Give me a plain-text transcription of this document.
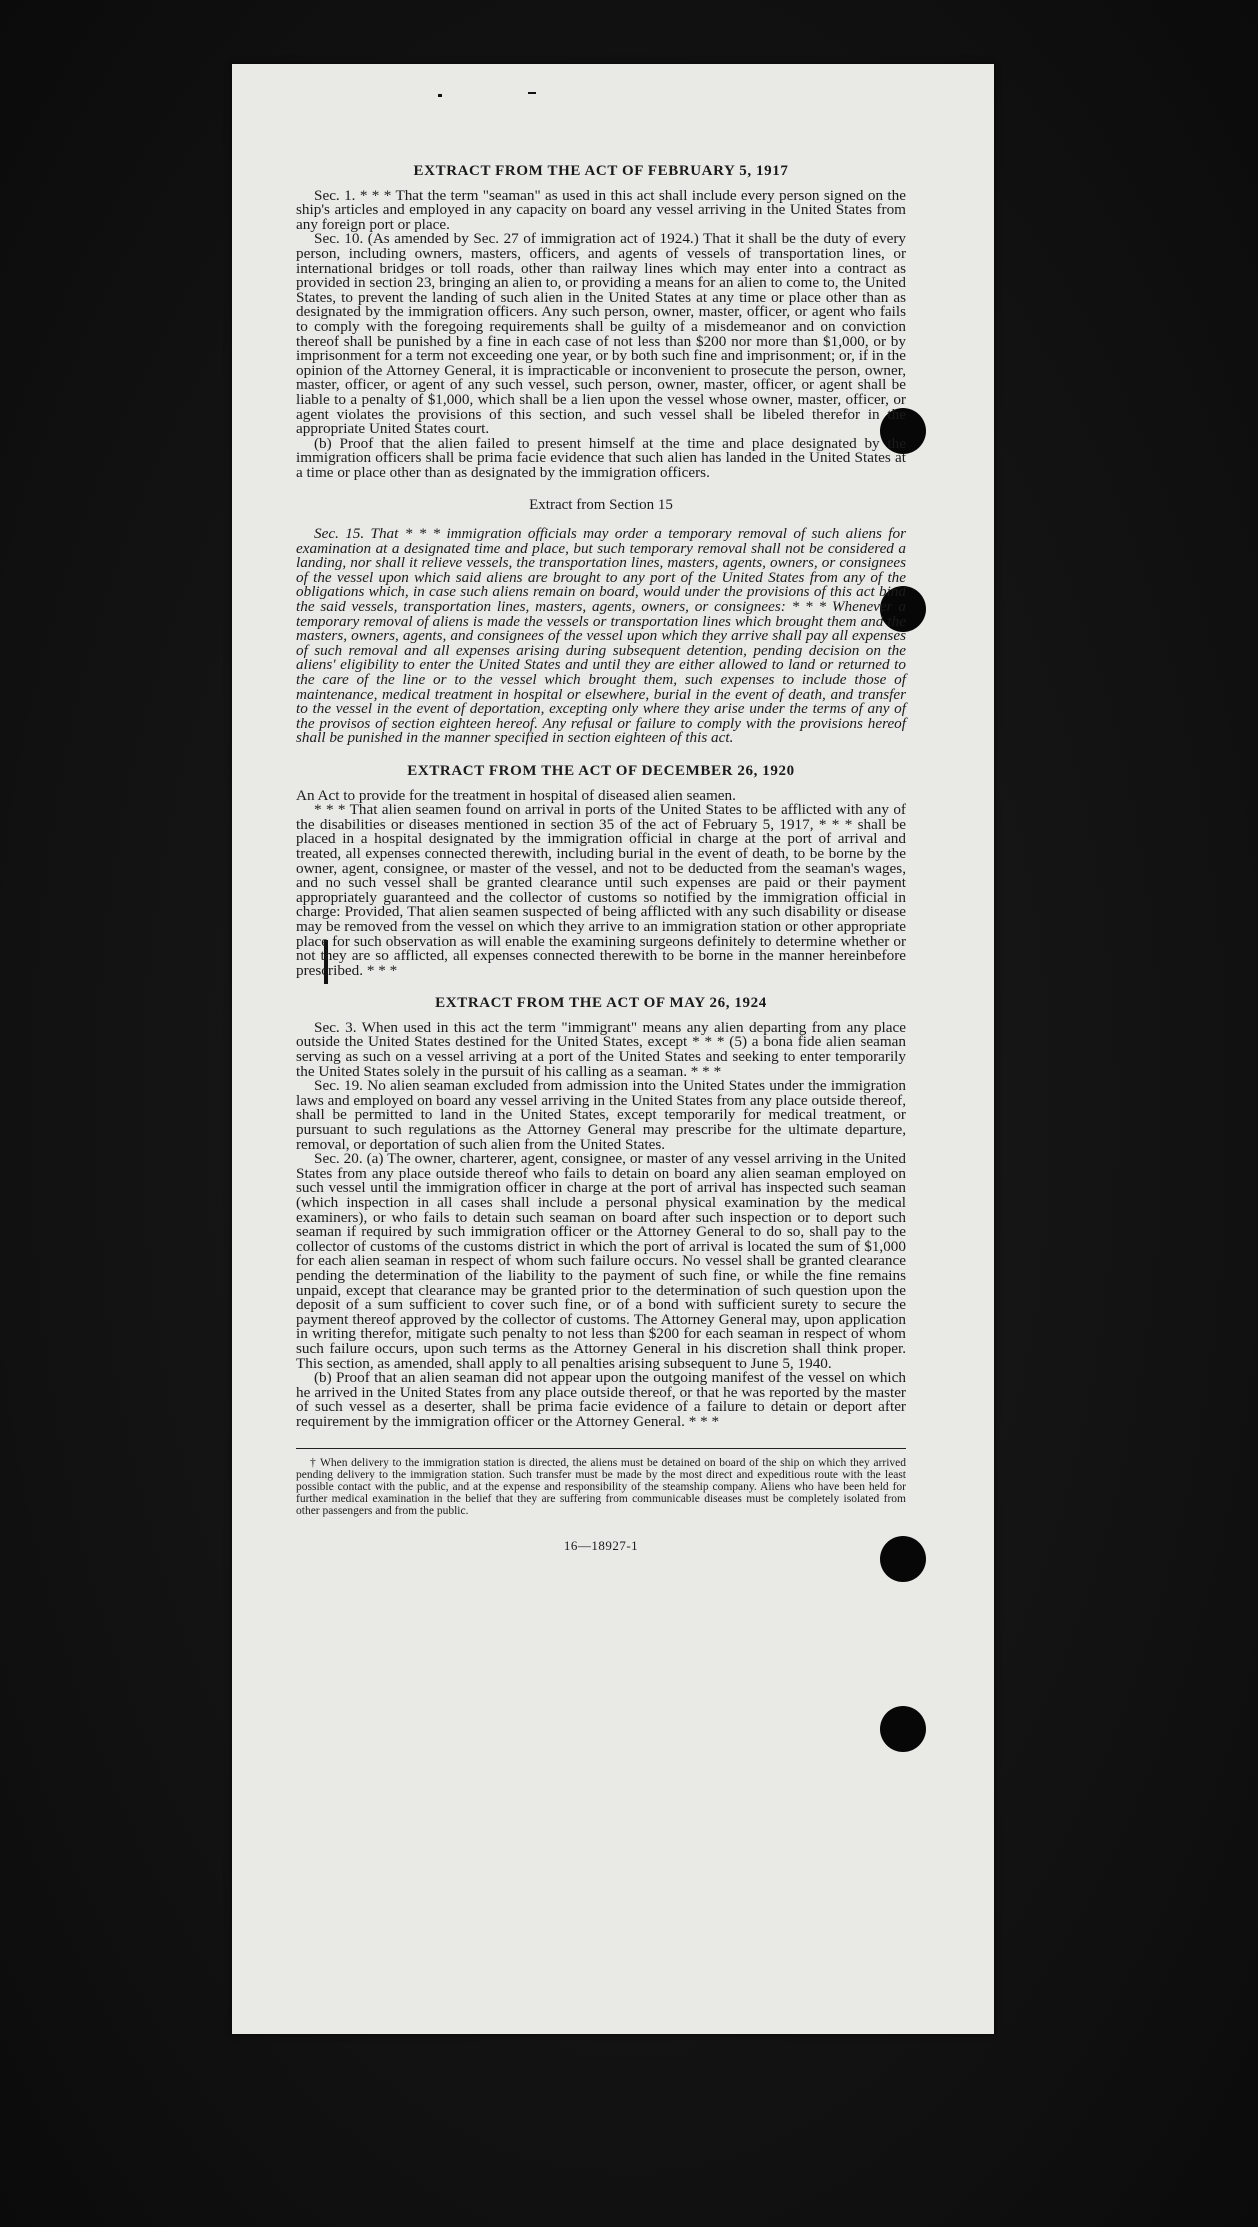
EXTRACT FROM THE ACT OF FEBRUARY 5, 1917

Sec. 1. * * * That the term "seaman" as used in this act shall include every person signed on the ship's articles and employed in any capacity on board any vessel arriving in the United States from any foreign port or place.

Sec. 10. (As amended by Sec. 27 of immigration act of 1924.) That it shall be the duty of every person, including owners, masters, officers, and agents of vessels of transportation lines, or international bridges or toll roads, other than railway lines which may enter into a contract as provided in section 23, bringing an alien to, or providing a means for an alien to come to, the United States, to prevent the landing of such alien in the United States at any time or place other than as designated by the immigration officers. Any such person, owner, master, officer, or agent who fails to comply with the foregoing requirements shall be guilty of a misdemeanor and on conviction thereof shall be punished by a fine in each case of not less than $200 nor more than $1,000, or by imprisonment for a term not exceeding one year, or by both such fine and imprisonment; or, if in the opinion of the Attorney General, it is impracticable or inconvenient to prosecute the person, owner, master, officer, or agent of any such vessel, such person, owner, master, officer, or agent shall be liable to a penalty of $1,000, which shall be a lien upon the vessel whose owner, master, officer, or agent violates the provisions of this section, and such vessel shall be libeled therefor in the appropriate United States court.

(b) Proof that the alien failed to present himself at the time and place designated by the immigration officers shall be prima facie evidence that such alien has landed in the United States at a time or place other than as designated by the immigration officers.

Extract from Section 15

Sec. 15. That * * * immigration officials may order a temporary removal of such aliens for examination at a designated time and place, but such temporary removal shall not be considered a landing, nor shall it relieve vessels, the transportation lines, masters, agents, owners, or consignees of the vessel upon which said aliens are brought to any port of the United States from any of the obligations which, in case such aliens remain on board, would under the provisions of this act bind the said vessels, transportation lines, masters, agents, owners, or consignees: * * * Whenever a temporary removal of aliens is made the vessels or transportation lines which brought them and the masters, owners, agents, and consignees of the vessel upon which they arrive shall pay all expenses of such removal and all expenses arising during subsequent detention, pending decision on the aliens' eligibility to enter the United States and until they are either allowed to land or returned to the care of the line or to the vessel which brought them, such expenses to include those of maintenance, medical treatment in hospital or elsewhere, burial in the event of death, and transfer to the vessel in the event of deportation, excepting only where they arise under the terms of any of the provisos of section eighteen hereof. Any refusal or failure to comply with the provisions hereof shall be punished in the manner specified in section eighteen of this act.

EXTRACT FROM THE ACT OF DECEMBER 26, 1920

An Act to provide for the treatment in hospital of diseased alien seamen.

* * * That alien seamen found on arrival in ports of the United States to be afflicted with any of the disabilities or diseases mentioned in section 35 of the act of February 5, 1917, * * * shall be placed in a hospital designated by the immigration official in charge at the port of arrival and treated, all expenses connected therewith, including burial in the event of death, to be borne by the owner, agent, consignee, or master of the vessel, and not to be deducted from the seaman's wages, and no such vessel shall be granted clearance until such expenses are paid or their payment appropriately guaranteed and the collector of customs so notified by the immigration official in charge: Provided, That alien seamen suspected of being afflicted with any such disability or disease may be removed from the vessel on which they arrive to an immigration station or other appropriate place for such observation as will enable the examining surgeons definitely to determine whether or not they are so afflicted, all expenses connected therewith to be borne in the manner hereinbefore prescribed. * * *

EXTRACT FROM THE ACT OF MAY 26, 1924

Sec. 3. When used in this act the term "immigrant" means any alien departing from any place outside the United States destined for the United States, except * * * (5) a bona fide alien seaman serving as such on a vessel arriving at a port of the United States and seeking to enter temporarily the United States solely in the pursuit of his calling as a seaman. * * *

Sec. 19. No alien seaman excluded from admission into the United States under the immigration laws and employed on board any vessel arriving in the United States from any place outside thereof, shall be permitted to land in the United States, except temporarily for medical treatment, or pursuant to such regulations as the Attorney General may prescribe for the ultimate departure, removal, or deportation of such alien from the United States.

Sec. 20. (a) The owner, charterer, agent, consignee, or master of any vessel arriving in the United States from any place outside thereof who fails to detain on board any alien seaman employed on such vessel until the immigration officer in charge at the port of arrival has inspected such seaman (which inspection in all cases shall include a personal physical examination by the medical examiners), or who fails to detain such seaman on board after such inspection or to deport such seaman if required by such immigration officer or the Attorney General to do so, shall pay to the collector of customs of the customs district in which the port of arrival is located the sum of $1,000 for each alien seaman in respect of whom such failure occurs. No vessel shall be granted clearance pending the determination of the liability to the payment of such fine, or while the fine remains unpaid, except that clearance may be granted prior to the determination of such question upon the deposit of a sum sufficient to cover such fine, or of a bond with sufficient surety to secure the payment thereof approved by the collector of customs. The Attorney General may, upon application in writing therefor, mitigate such penalty to not less than $200 for each seaman in respect of whom such failure occurs, upon such terms as the Attorney General in his discretion shall think proper. This section, as amended, shall apply to all penalties arising subsequent to June 5, 1940.

(b) Proof that an alien seaman did not appear upon the outgoing manifest of the vessel on which he arrived in the United States from any place outside thereof, or that he was reported by the master of such vessel as a deserter, shall be prima facie evidence of a failure to detain or deport after requirement by the immigration officer or the Attorney General. * * *

† When delivery to the immigration station is directed, the aliens must be detained on board of the ship on which they arrived pending delivery to the immigration station. Such transfer must be made by the most direct and expeditious route with the least possible contact with the public, and at the expense and responsibility of the steamship company. Aliens who have been held for further medical examination in the belief that they are suffering from communicable diseases must be completely isolated from other passengers and from the public.

16—18927-1
